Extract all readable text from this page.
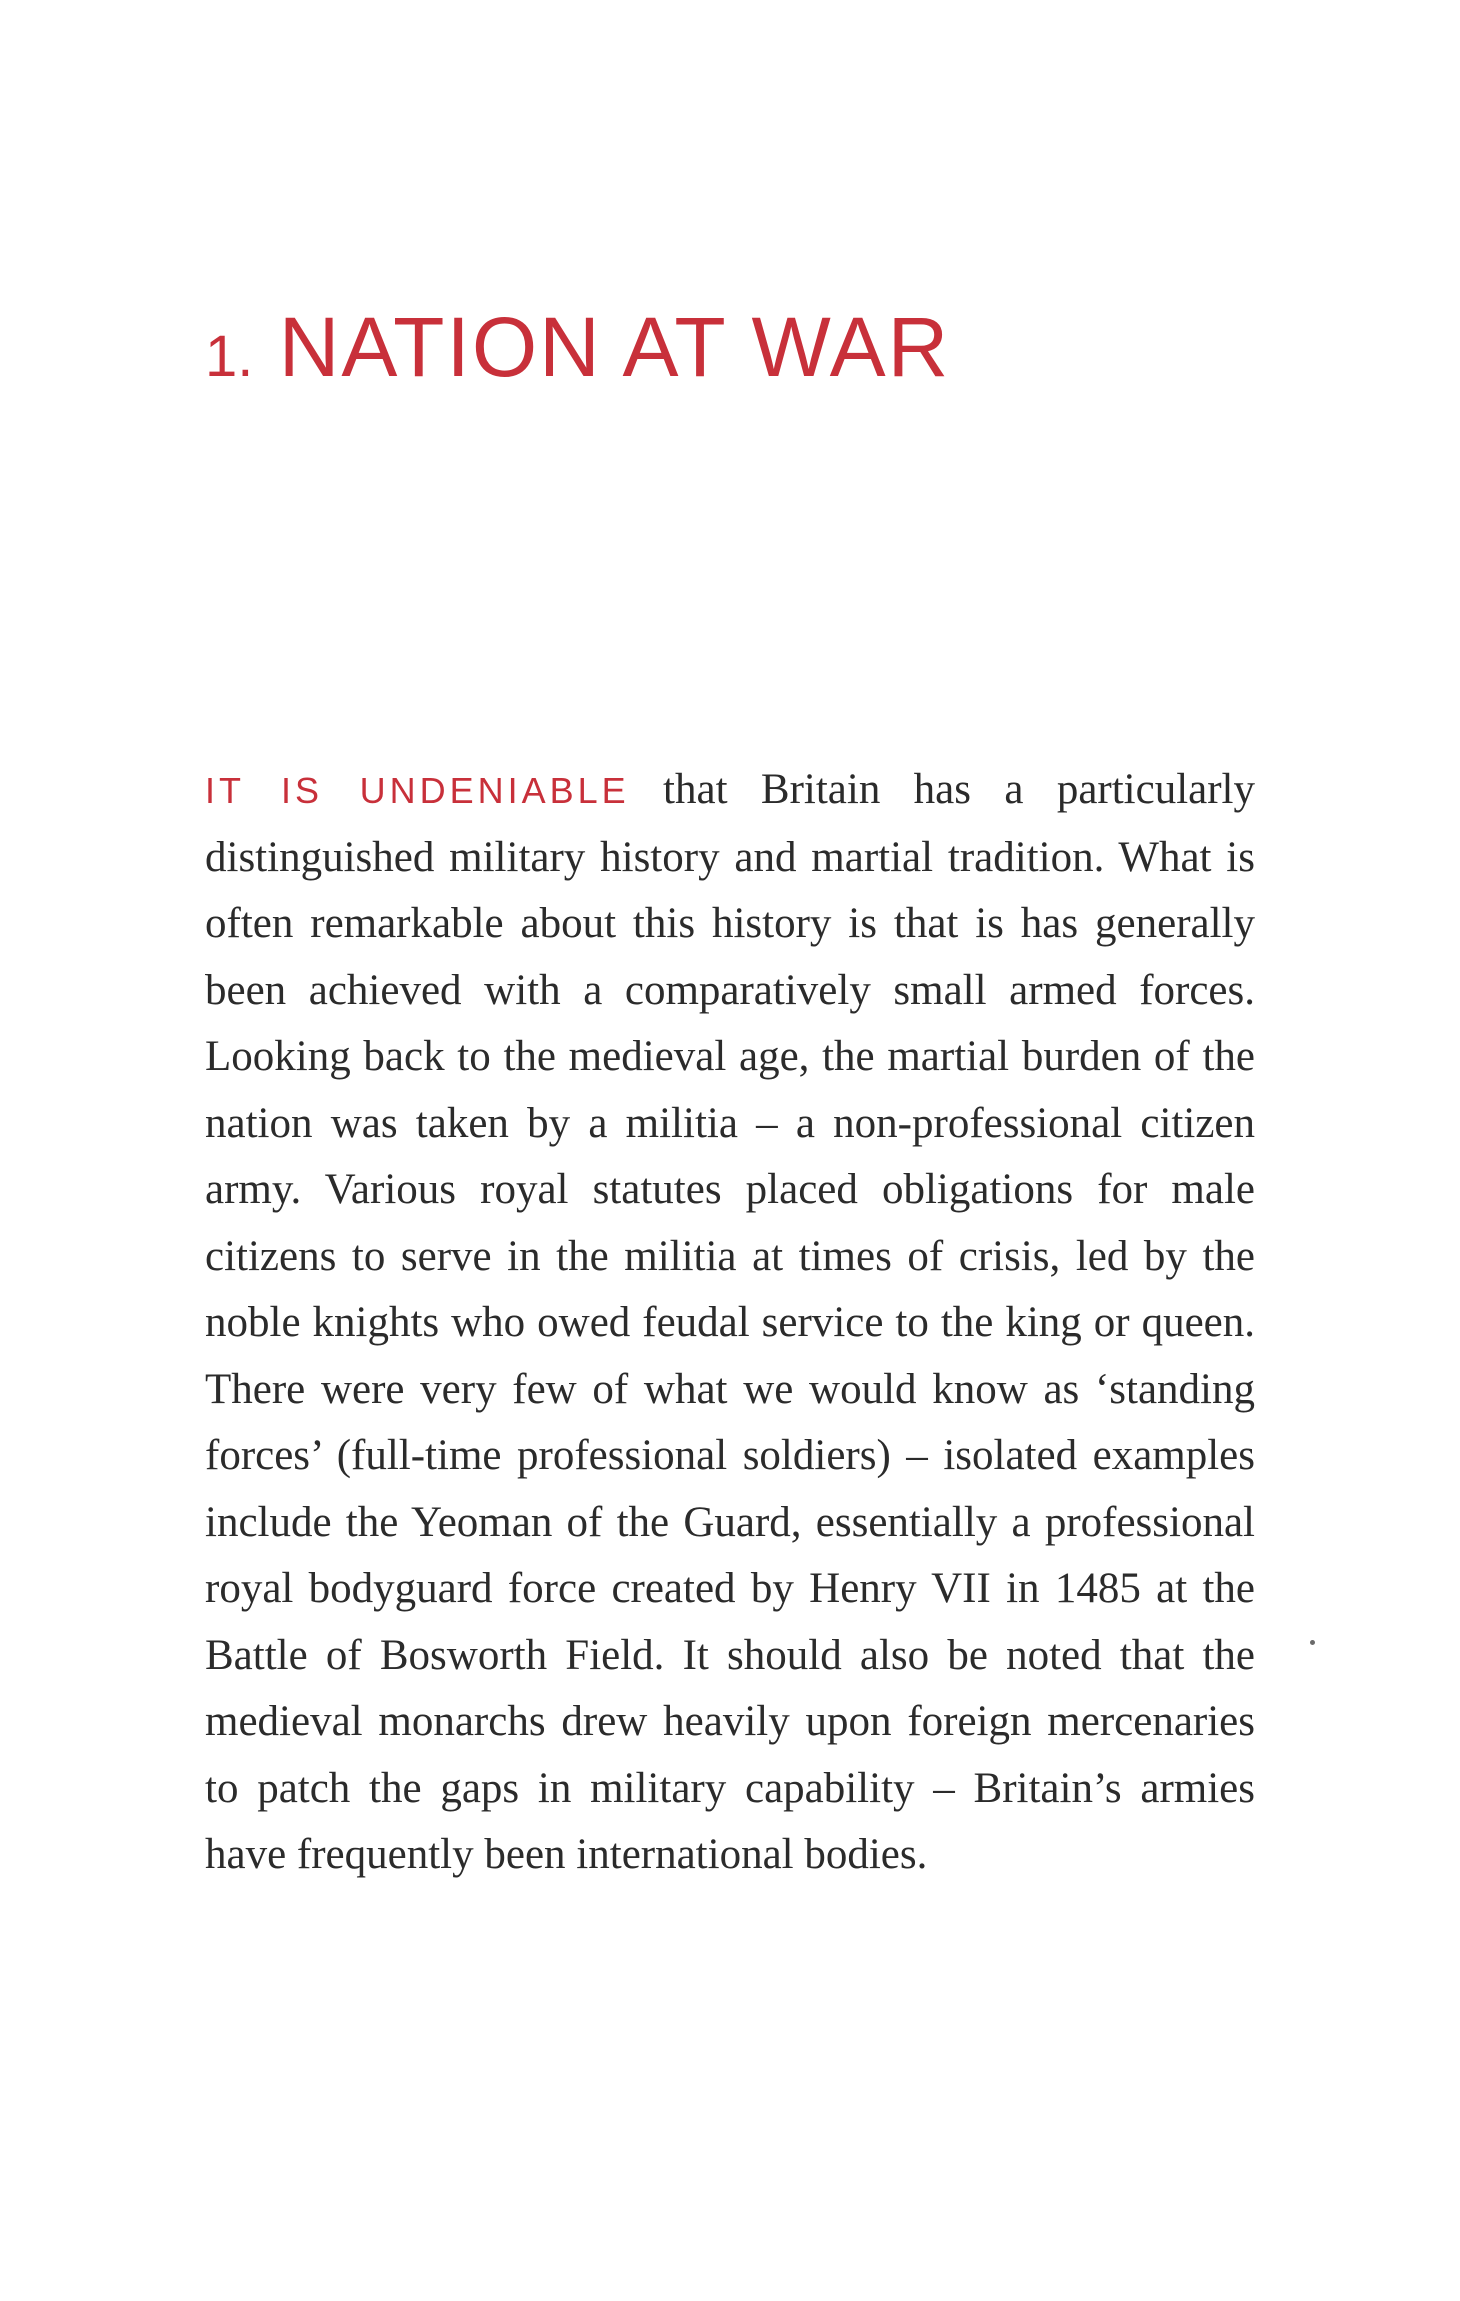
1. NATION AT WAR

IT IS UNDENIABLE that Britain has a particularly distinguished military history and martial tradition. What is often remarkable about this history is that is has generally been achieved with a comparatively small armed forces. Looking back to the medieval age, the martial burden of the nation was taken by a militia – a non-professional citizen army. Various royal statutes placed obligations for male citizens to serve in the militia at times of crisis, led by the noble knights who owed feudal service to the king or queen. There were very few of what we would know as ‘standing forces’ (full-time professional soldiers) – isolated examples include the Yeoman of the Guard, essentially a professional royal bodyguard force created by Henry VII in 1485 at the Battle of Bosworth Field. It should also be noted that the medieval monarchs drew heavily upon foreign mercenaries to patch the gaps in military capability – Britain’s armies have frequently been international bodies.
